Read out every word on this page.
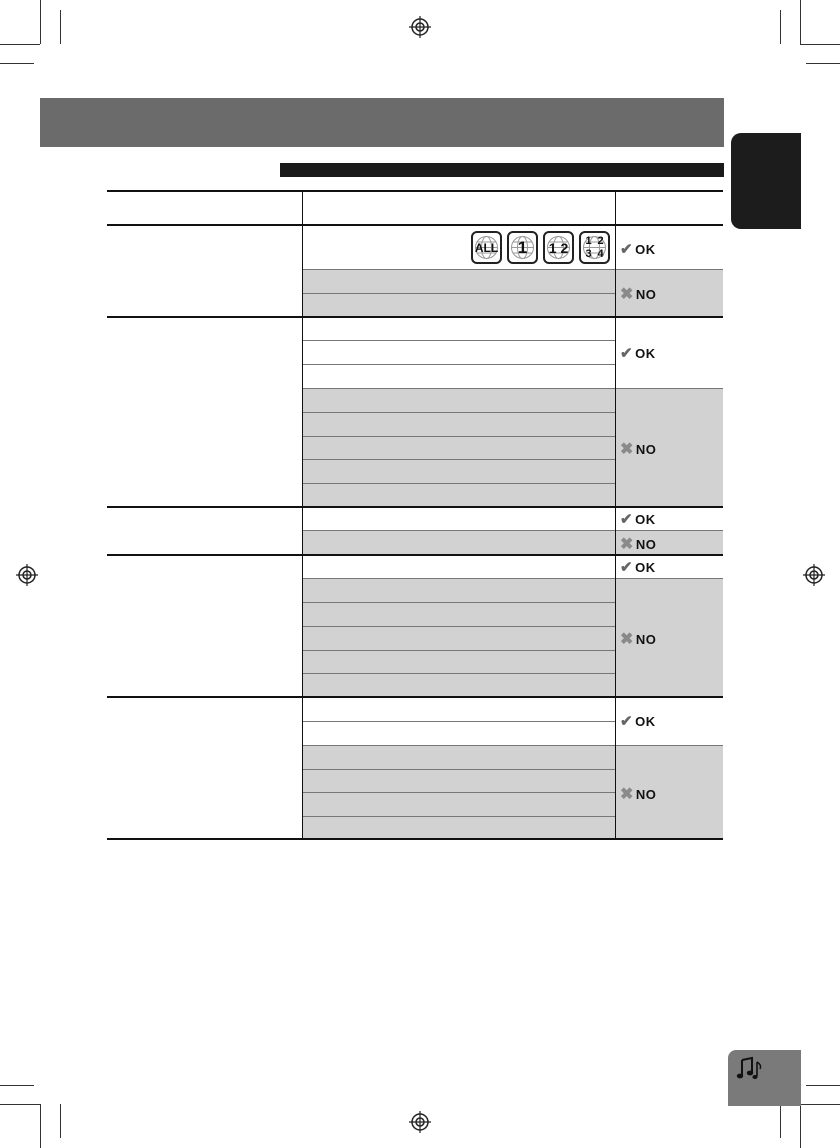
ALL 1 1 2 1 2
3 4 ✔ OK
✖ NO
✔ OK
✖ NO
✔ OK
✖ NO
✔ OK
✖ NO
✔ OK
✖ NO
